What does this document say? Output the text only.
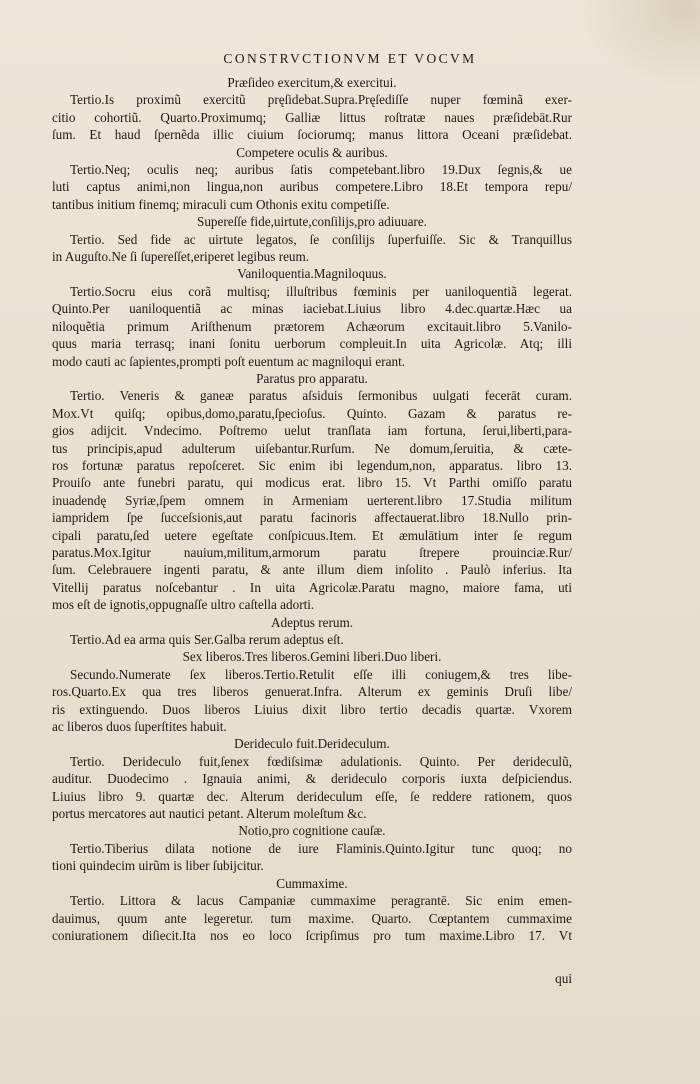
CONSTRVCTIONVM ET VOCVM
Præſideo exercitum,& exercitui.
Tertio.Is proximũ exercitũ pręſidebat.Supra.Pręſediſſe nuper fœminã exer-
citio cohortiũ. Quarto.Proximumq; Galliæ littus roſtratæ naues præſidebāt.Rur
ſum. Et haud ſpernẽda illic ciuium ſociorumq; manus littora Oceani præſidebat.
Competere oculis & auribus.
Tertio.Neq; oculis neq; auribus ſatis competebant.libro 19.Dux ſegnis,& ue
luti captus animi,non lingua,non auribus competere.Libro 18.Et tempora repu/
tantibus initium finemq; miraculi cum Othonis exitu competiſſe.
Supereſſe fide,uirtute,conſilijs,pro adiuuare.
Tertio. Sed fide ac uirtute legatos, ſe conſilijs ſuperfuiſſe. Sic & Tranquillus
in Auguſto.Ne ſi ſupereſſet,eriperet legibus reum.
Vaniloquentia.Magniloquus.
Tertio.Socru eius corã multisq; illuſtribus fœminis per uaniloquentiã legerat.
Quinto.Per uaniloquentiã ac minas iaciebat.Liuius libro 4.dec.quartæ.Hæc ua
niloquẽtia primum Ariſthenum prætorem Achæorum excitauit.libro 5.Vanilo-
quus maria terrasq; inani ſonitu uerborum compleuit.In uita Agricolæ. Atq; illi
modo cauti ac ſapientes,prompti poſt euentum ac magniloqui erant.
Paratus pro apparatu.
Tertio. Veneris & ganeæ paratus aſsiduis ſermonibus uulgati fecerāt curam.
Mox.Vt quiſq; opibus,domo,paratu,ſpecioſus. Quinto. Gazam & paratus re-
gios adijcit. Vndecimo. Poſtremo uelut tranſlata iam fortuna, ſerui,liberti,para-
tus principis,apud adulterum uiſebantur.Rurſum. Ne domum,ſeruitia, & cæte-
ros fortunæ paratus repoſceret. Sic enim ibi legendum,non, apparatus. libro 13.
Prouiſo ante funebri paratu, qui modicus erat. libro 15. Vt Parthi omiſſo paratu
inuadendę Syriæ,ſpem omnem in Armeniam uerterent.libro 17.Studia militum
iampridem ſpe ſucceſsionis,aut paratu facinoris affectauerat.libro 18.Nullo prin-
cipali paratu,ſed uetere egeſtate conſpicuus.Item. Et æmulātium inter ſe regum
paratus.Mox.Igitur nauium,militum,armorum paratu ſtrepere prouinciæ.Rur/
ſum. Celebrauere ingenti paratu, & ante illum diem inſolito . Paulò inferius. Ita
Vitellij paratus noſcebantur . In uita Agricolæ.Paratu magno, maiore fama, uti
mos eſt de ignotis,oppugnaſſe ultro caſtella adorti.
Adeptus rerum.
Tertio.Ad ea arma quis Ser.Galba rerum adeptus eſt.
Sex liberos.Tres liberos.Gemini liberi.Duo liberi.
Secundo.Numerate ſex liberos.Tertio.Retulit eſſe illi coniugem,& tres libe-
ros.Quarto.Ex qua tres liberos genuerat.Infra. Alterum ex geminis Druſi libe/
ris extinguendo. Duos liberos Liuius dixit libro tertio decadis quartæ. Vxorem
ac liberos duos ſuperſtites habuit.
Derideculo fuit.Derideculum.
Tertio. Derideculo fuit,ſenex fœdiſsimæ adulationis. Quinto. Per derideculũ,
auditur. Duodecimo . Ignauia animi, & derideculo corporis iuxta deſpiciendus.
Liuius libro 9. quartæ dec. Alterum derideculum eſſe, ſe reddere rationem, quos
portus mercatores aut nautici petant. Alterum moleſtum &c.
Notio,pro cognitione cauſæ.
Tertio.Tiberius dilata notione de iure Flaminis.Quinto.Igitur tunc quoq; no
tioni quindecim uirũm is liber ſubijcitur.
Cummaxime.
Tertio. Littora & lacus Campaniæ cummaxime peragrantē. Sic enim emen-
dauimus, quum ante legeretur. tum maxime. Quarto. Cœptantem cummaxime
coniurationem diſiecit.Ita nos eo loco ſcripſimus pro tum maxime.Libro 17. Vt
qui
